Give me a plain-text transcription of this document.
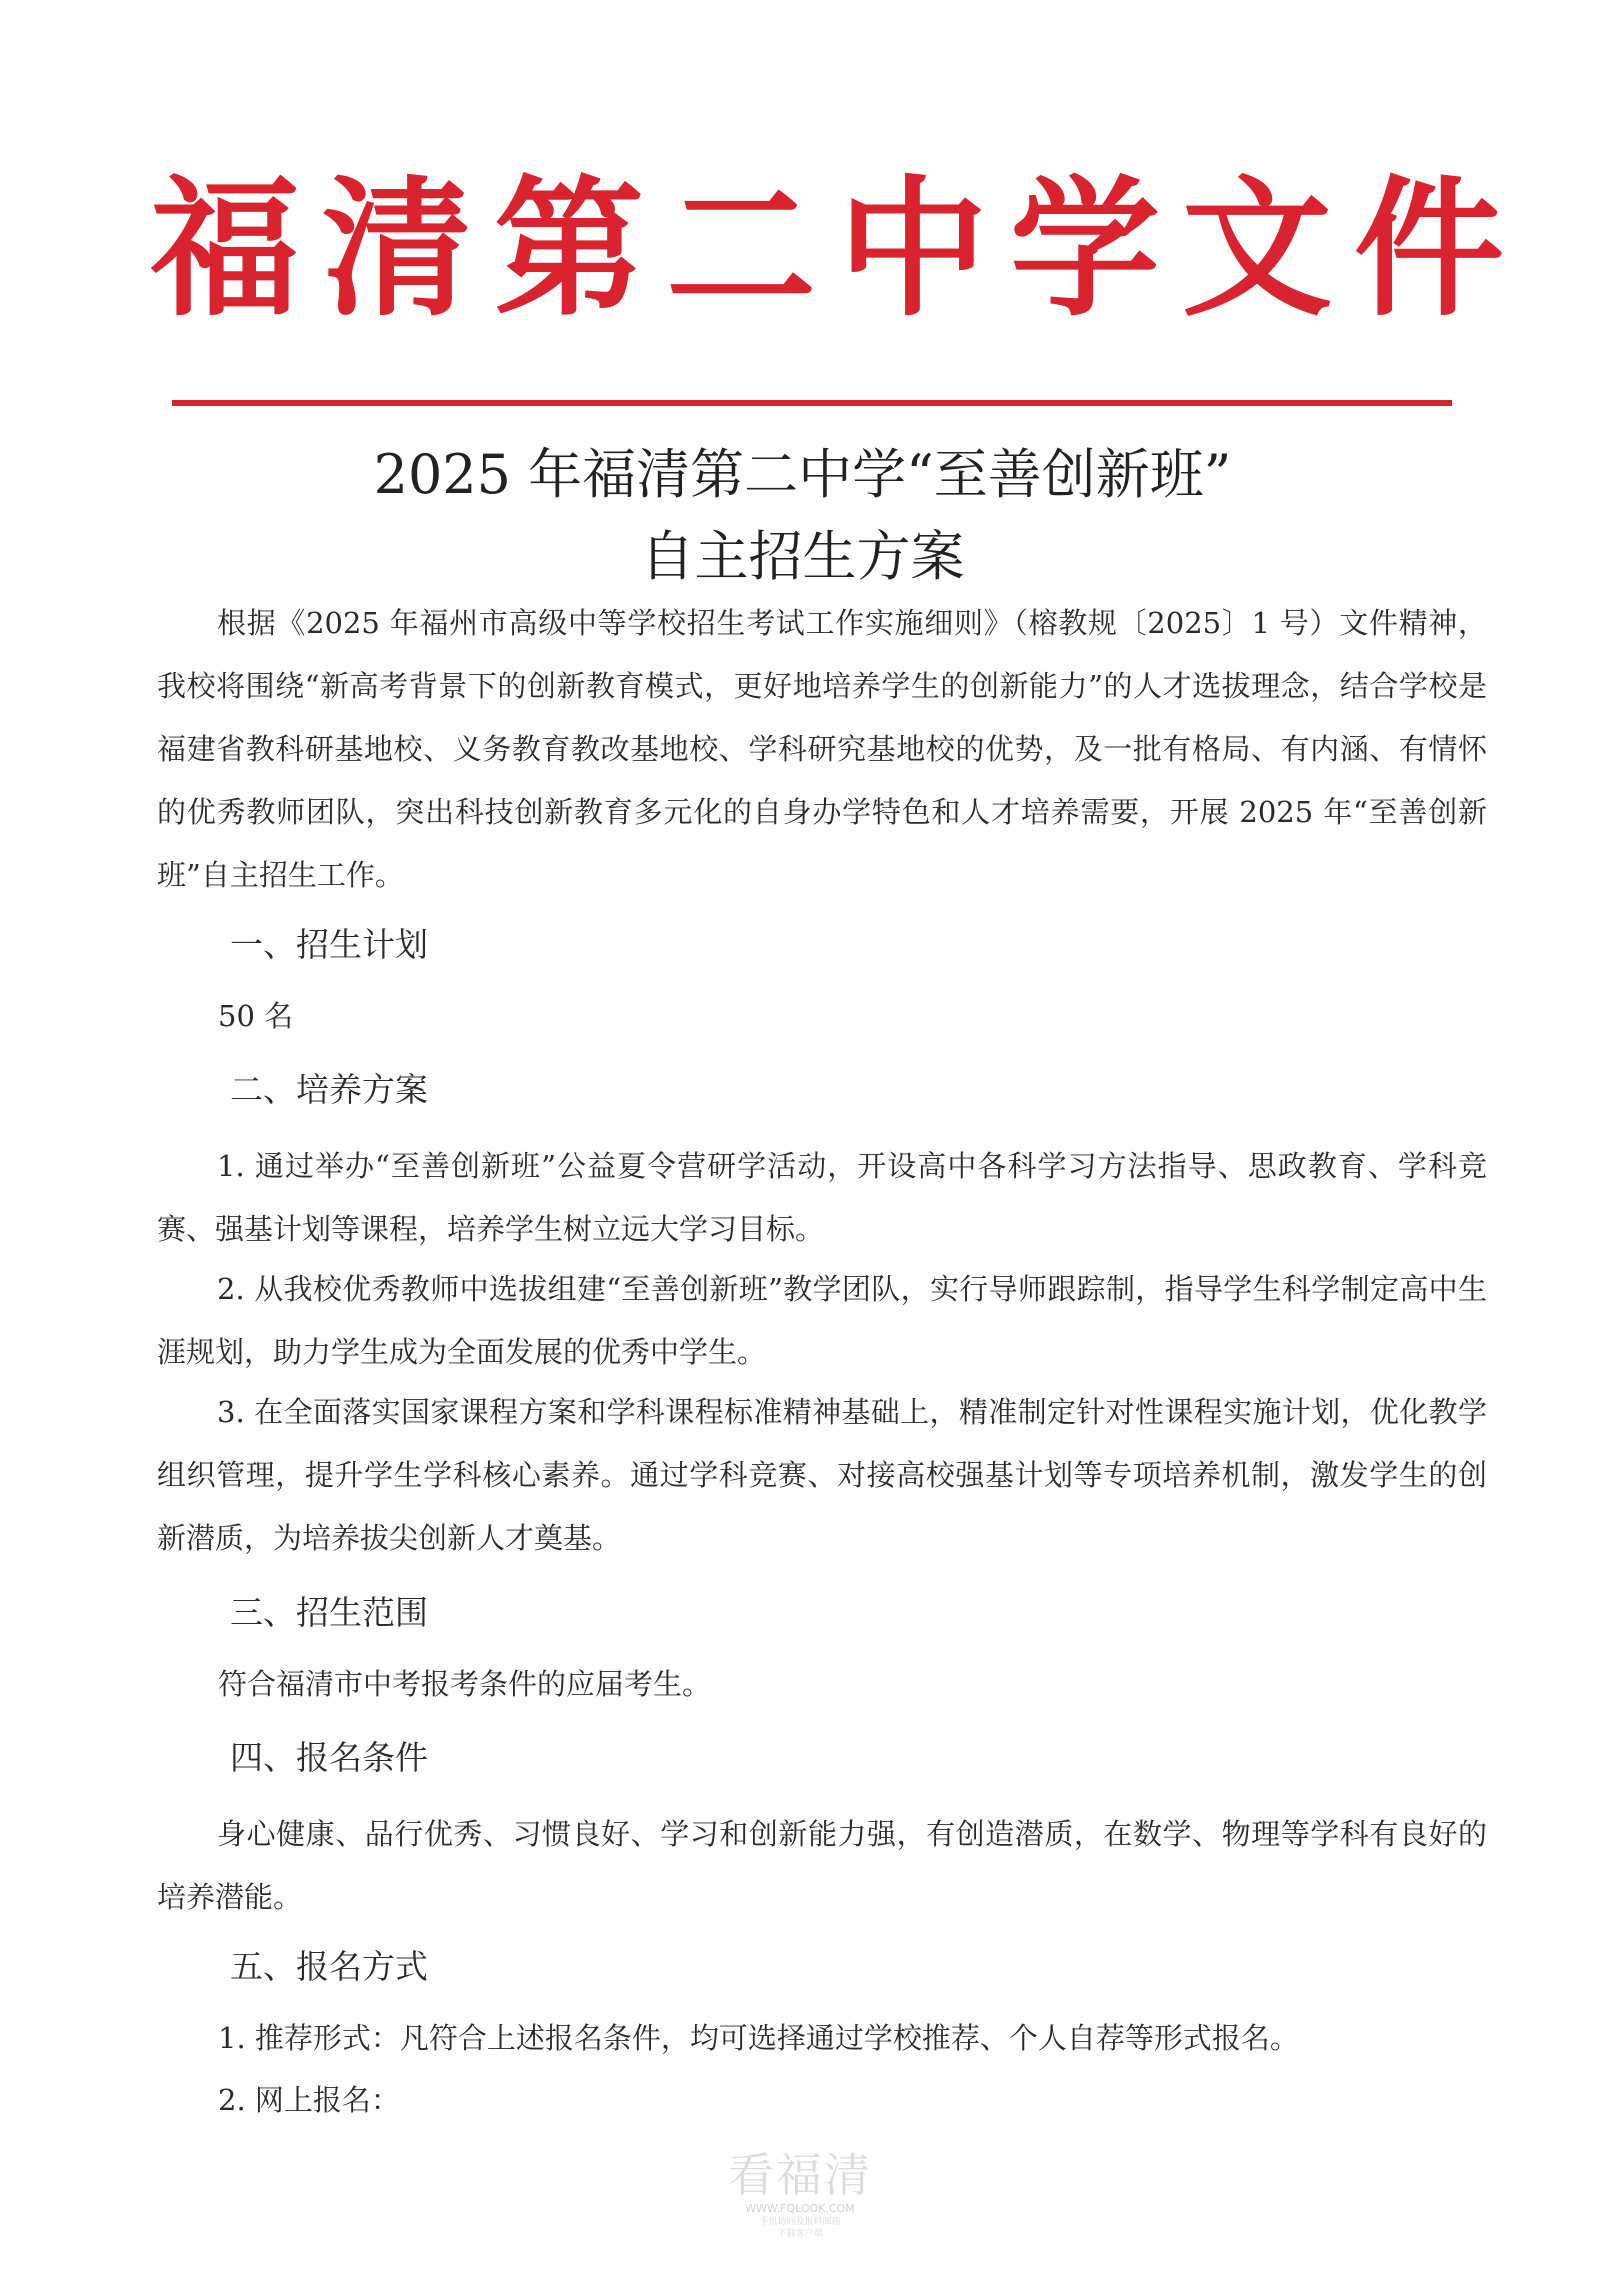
福清第二中学文件
2025 年福清第二中学“至善创新班”
自主招生方案

根据《2025 年福州市高级中等学校招生考试工作实施细则》（榕教规〔2025〕1 号）文件精神，我校将围绕“新高考背景下的创新教育模式，更好地培养学生的创新能力”的人才选拔理念，结合学校是福建省教科研基地校、义务教育教改基地校、学科研究基地校的优势，及一批有格局、有内涵、有情怀的优秀教师团队，突出科技创新教育多元化的自身办学特色和人才培养需要，开展 2025 年“至善创新班”自主招生工作。

一、招生计划

50 名

二、培养方案

1. 通过举办“至善创新班”公益夏令营研学活动，开设高中各科学习方法指导、思政教育、学科竞赛、强基计划等课程，培养学生树立远大学习目标。

2. 从我校优秀教师中选拔组建“至善创新班”教学团队，实行导师跟踪制，指导学生科学制定高中生涯规划，助力学生成为全面发展的优秀中学生。

3. 在全面落实国家课程方案和学科课程标准精神基础上，精准制定针对性课程实施计划，优化教学组织管理，提升学生学科核心素养。通过学科竞赛、对接高校强基计划等专项培养机制，激发学生的创新潜质，为培养拔尖创新人才奠基。

三、招生范围

符合福清市中考报考条件的应届考生。

四、报名条件

身心健康、品行优秀、习惯良好、学习和创新能力强，有创造潜质，在数学、物理等学科有良好的培养潜能。

五、报名方式

1. 推荐形式：凡符合上述报名条件，均可选择通过学校推荐、个人自荐等形式报名。

2. 网上报名：

看福清
WWW.FQLOOK.COM
手机访问及报料邮箱
下载客户端
